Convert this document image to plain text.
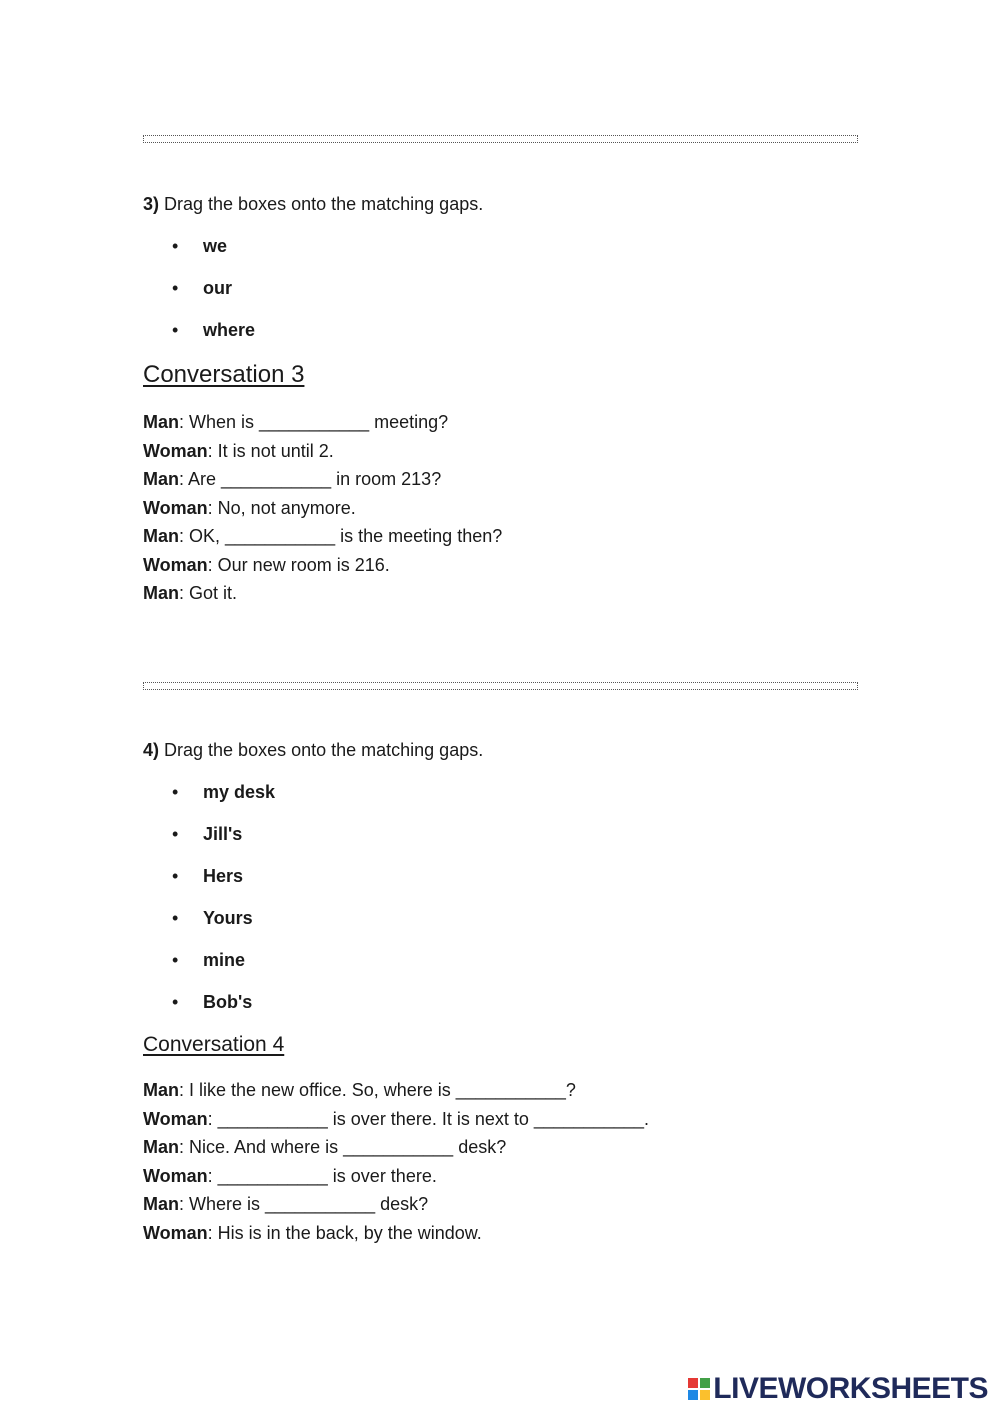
3) Drag the boxes onto the matching gaps.
•	we
•	our
•	where
Conversation 3
Man: When is ___________ meeting?
Woman: It is not until 2.
Man: Are ___________ in room 213?
Woman: No, not anymore.
Man: OK, ___________ is the meeting then?
Woman: Our new room is 216.
Man: Got it.
4) Drag the boxes onto the matching gaps.
•	my desk
•	Jill's
•	Hers
•	Yours
•	mine
•	Bob's
Conversation 4
Man: I like the new office. So, where is ___________?
Woman: ___________ is over there. It is next to ___________.
Man: Nice. And where is ___________ desk?
Woman: ___________ is over there.
Man: Where is ___________ desk?
Woman: His is in the back, by the window.
LIVEWORKSHEETS
